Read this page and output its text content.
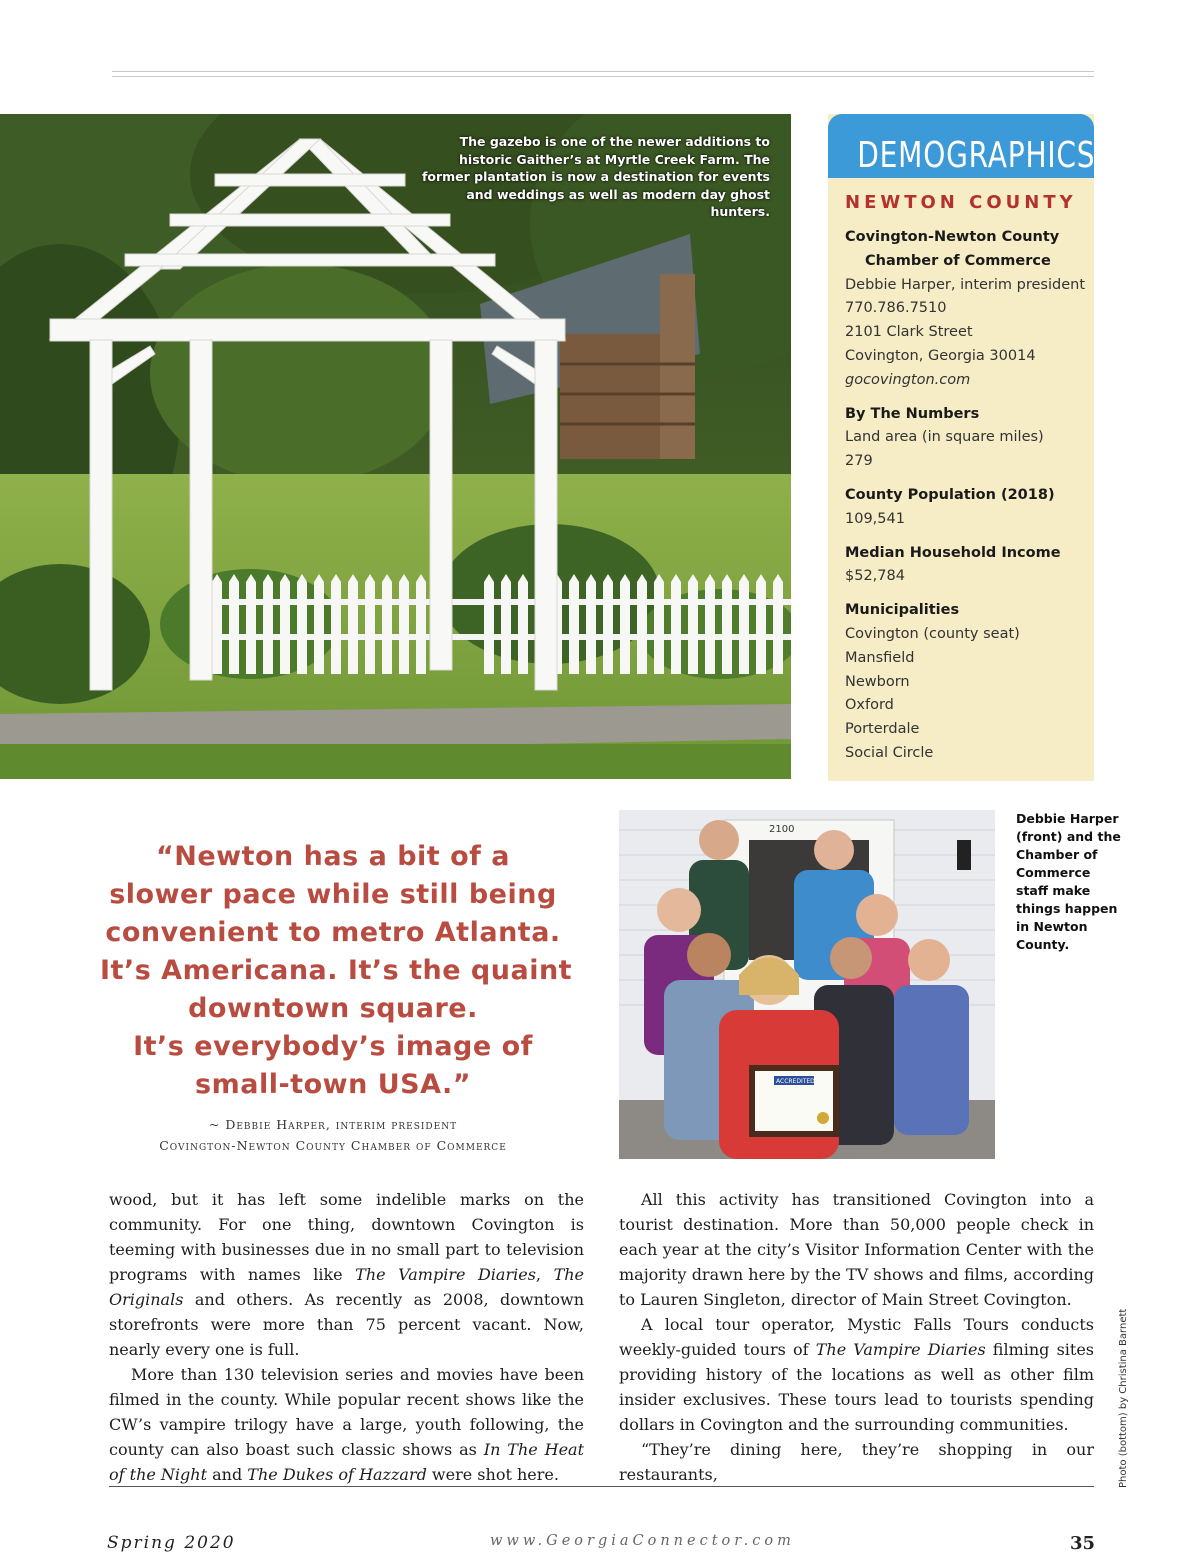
The gazebo is one of the newer additions to historic Gaither’s at Myrtle Creek Farm. The former plantation is now a destination for events and weddings as well as modern day ghost hunters.
DEMOGRAPHICS
NEWTON COUNTY
Covington-Newton County
Chamber of Commerce
Debbie Harper, interim president
770.786.7510
2101 Clark Street
Covington, Georgia 30014
gocovington.com
By The Numbers
Land area (in square miles)
279
County Population (2018)
109,541
Median Household Income
$52,784
Municipalities
Covington (county seat)
Mansfield
Newborn
Oxford
Porterdale
Social Circle
“Newton has a bit of a
slower pace while still being
convenient to metro Atlanta.
It’s Americana. It’s the quaint
downtown square.
It’s everybody’s image of
small-town USA.”
~ Debbie Harper, interim president
Covington-Newton County Chamber of Commerce
2100
ACCREDITED
Debbie Harper (front) and the Chamber of Commerce staff make things happen in Newton County.

wood, but it has left some indelible marks on the community. For one thing, downtown Covington is teeming with businesses due in no small part to television programs with names like The Vampire Diaries, The Originals and others. As recently as 2008, downtown storefronts were more than 75 percent vacant. Now, nearly every one is full.

More than 130 television series and movies have been filmed in the county. While popular recent shows like the CW’s vampire trilogy have a large, youth following, the county can also boast such classic shows as In The Heat of the Night and The Dukes of Hazzard were shot here.

All this activity has transitioned Covington into a tourist destination. More than 50,000 people check in each year at the city’s Visitor Information Center with the majority drawn here by the TV shows and films, according to Lauren Singleton, director of Main Street Covington.

A local tour operator, Mystic Falls Tours conducts weekly-guided tours of The Vampire Diaries filming sites providing history of the locations as well as other film insider exclusives. These tours lead to tourists spending dollars in Covington and the surrounding communities.

“They’re dining here, they’re shopping in our restaurants,	Photo (bottom) by Christina Barnett
Spring 2020	www.GeorgiaConnector.com	35
